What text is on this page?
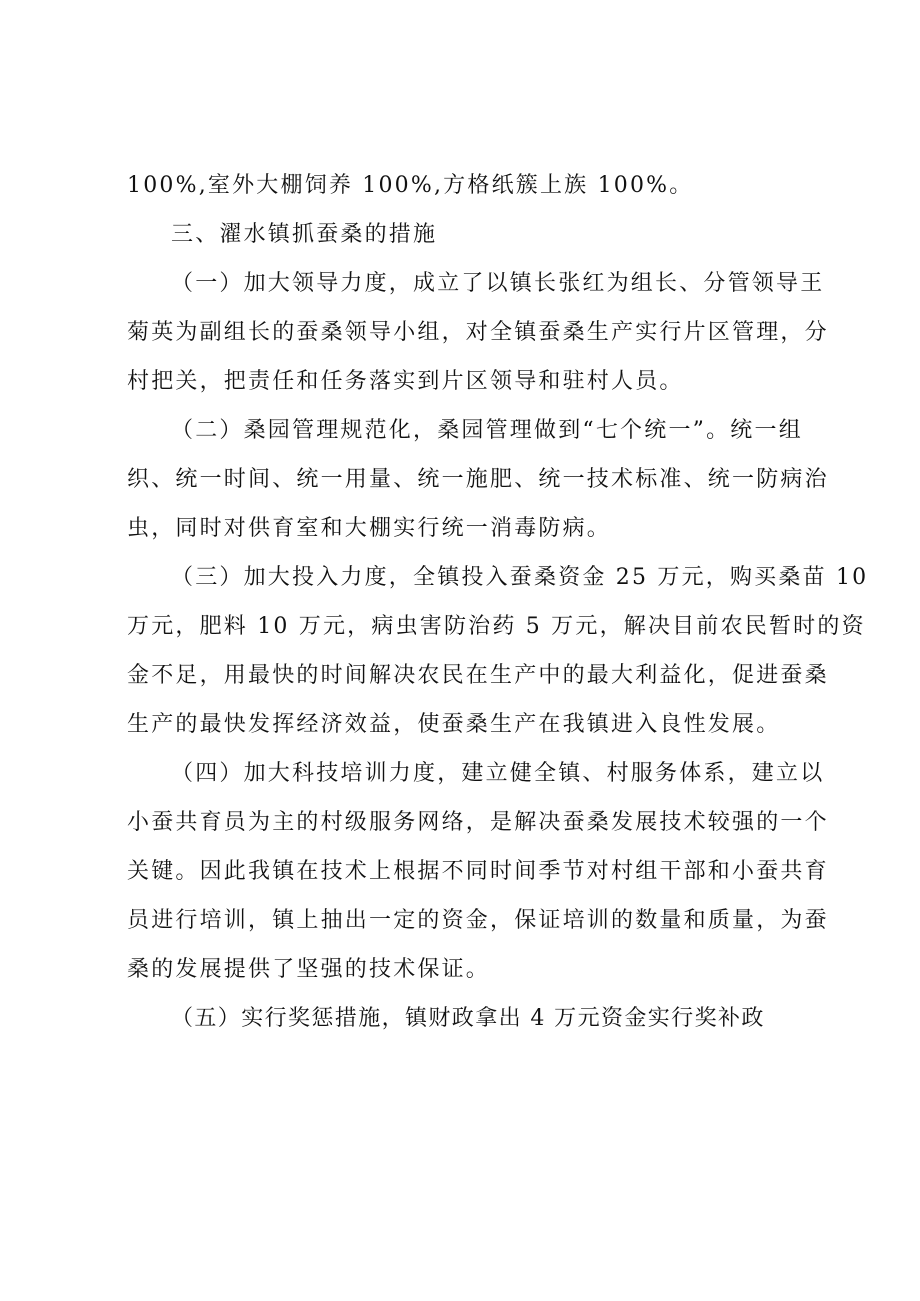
100%,室外大棚饲养 100%,方格纸簇上族 100%。
三、濯水镇抓蚕桑的措施
（一）加大领导力度，成立了以镇长张红为组长、分管领导王
菊英为副组长的蚕桑领导小组，对全镇蚕桑生产实行片区管理，分
村把关，把责任和任务落实到片区领导和驻村人员。
（二）桑园管理规范化，桑园管理做到“七个统一”。统一组
织、统一时间、统一用量、统一施肥、统一技术标准、统一防病治
虫，同时对供育室和大棚实行统一消毒防病。
（三）加大投入力度，全镇投入蚕桑资金 25 万元，购买桑苗 10
万元，肥料 10 万元，病虫害防治药 5 万元，解决目前农民暂时的资
金不足，用最快的时间解决农民在生产中的最大利益化，促进蚕桑
生产的最快发挥经济效益，使蚕桑生产在我镇进入良性发展。
（四）加大科技培训力度，建立健全镇、村服务体系，建立以
小蚕共育员为主的村级服务网络，是解决蚕桑发展技术较强的一个
关键。因此我镇在技术上根据不同时间季节对村组干部和小蚕共育
员进行培训，镇上抽出一定的资金，保证培训的数量和质量，为蚕
桑的发展提供了坚强的技术保证。
（五）实行奖惩措施，镇财政拿出 4 万元资金实行奖补政
